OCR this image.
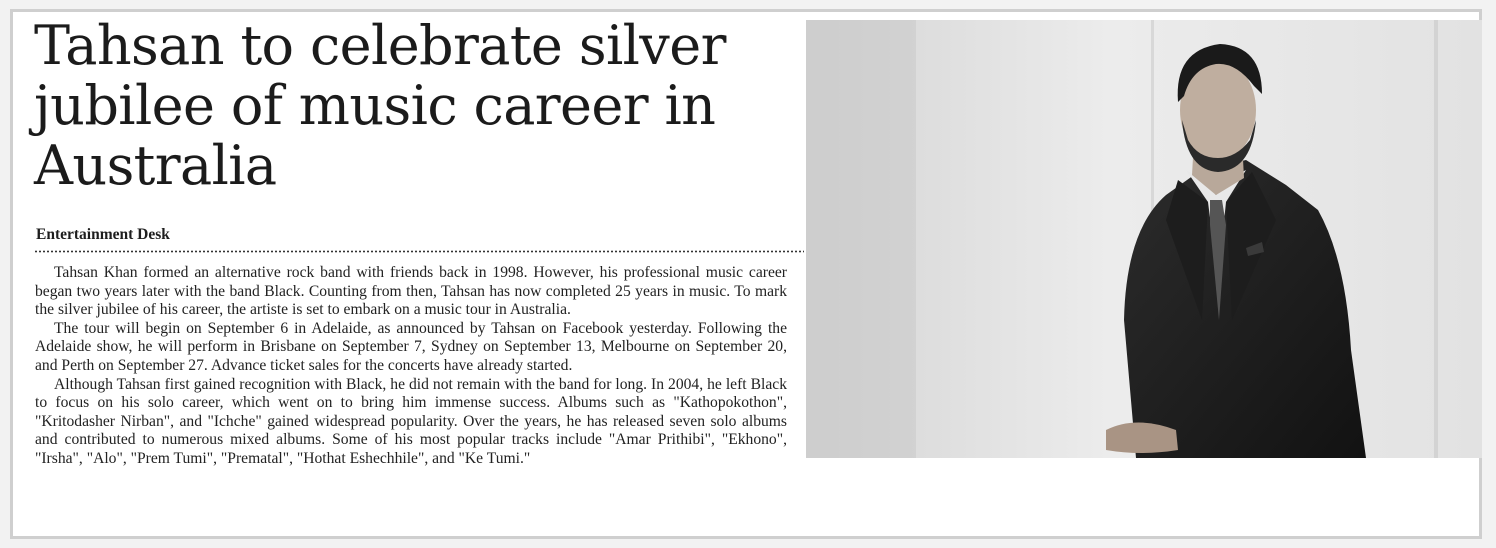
Tahsan to celebrate silver jubilee of music career in Australia
Entertainment Desk

Tahsan Khan formed an alternative rock band with friends back in 1998. However, his professional music career began two years later with the band Black. Counting from then, Tahsan has now completed 25 years in music. To mark the silver jubilee of his career, the artiste is set to embark on a music tour in Australia.

The tour will begin on September 6 in Adelaide, as announced by Tahsan on Facebook yesterday. Following the Adelaide show, he will perform in Brisbane on September 7, Sydney on September 13, Melbourne on September 20, and Perth on September 27. Advance ticket sales for the concerts have already started.

Although Tahsan first gained recognition with Black, he did not remain with the band for long. In 2004, he left Black to focus on his solo career, which went on to bring him immense success. Albums such as "Kathopokothon", "Kritodasher Nirban", and "Ichche" gained widespread popularity. Over the years, he has released seven solo albums and contributed to numerous mixed albums. Some of his most popular tracks include "Amar Prithibi", "Ekhono", "Irsha", "Alo", "Prem Tumi", "Prematal", "Hothat Eshechhile", and "Ke Tumi."
